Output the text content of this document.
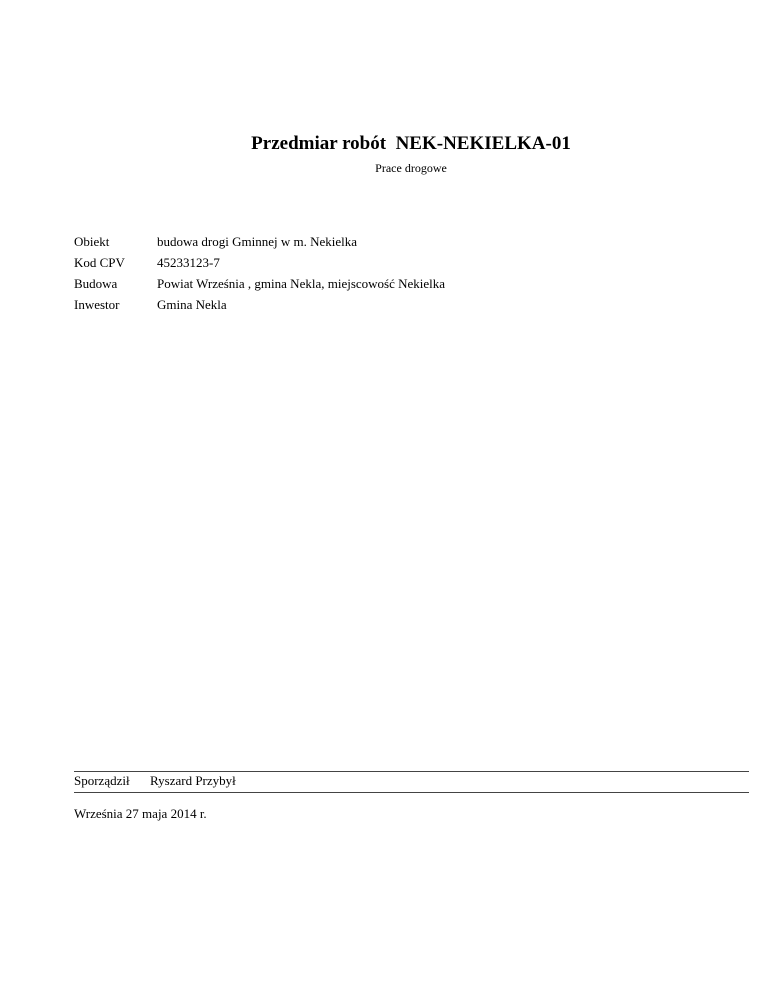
Przedmiar robót  NEK-NEKIELKA-01
Prace drogowe
Obiekt	budowa drogi Gminnej w m. Nekielka
Kod CPV	45233123-7
Budowa	Powiat Września , gmina Nekla, miejscowość Nekielka
Inwestor	Gmina Nekla
Sporządził	Ryszard Przybył
Września 27 maja 2014 r.
